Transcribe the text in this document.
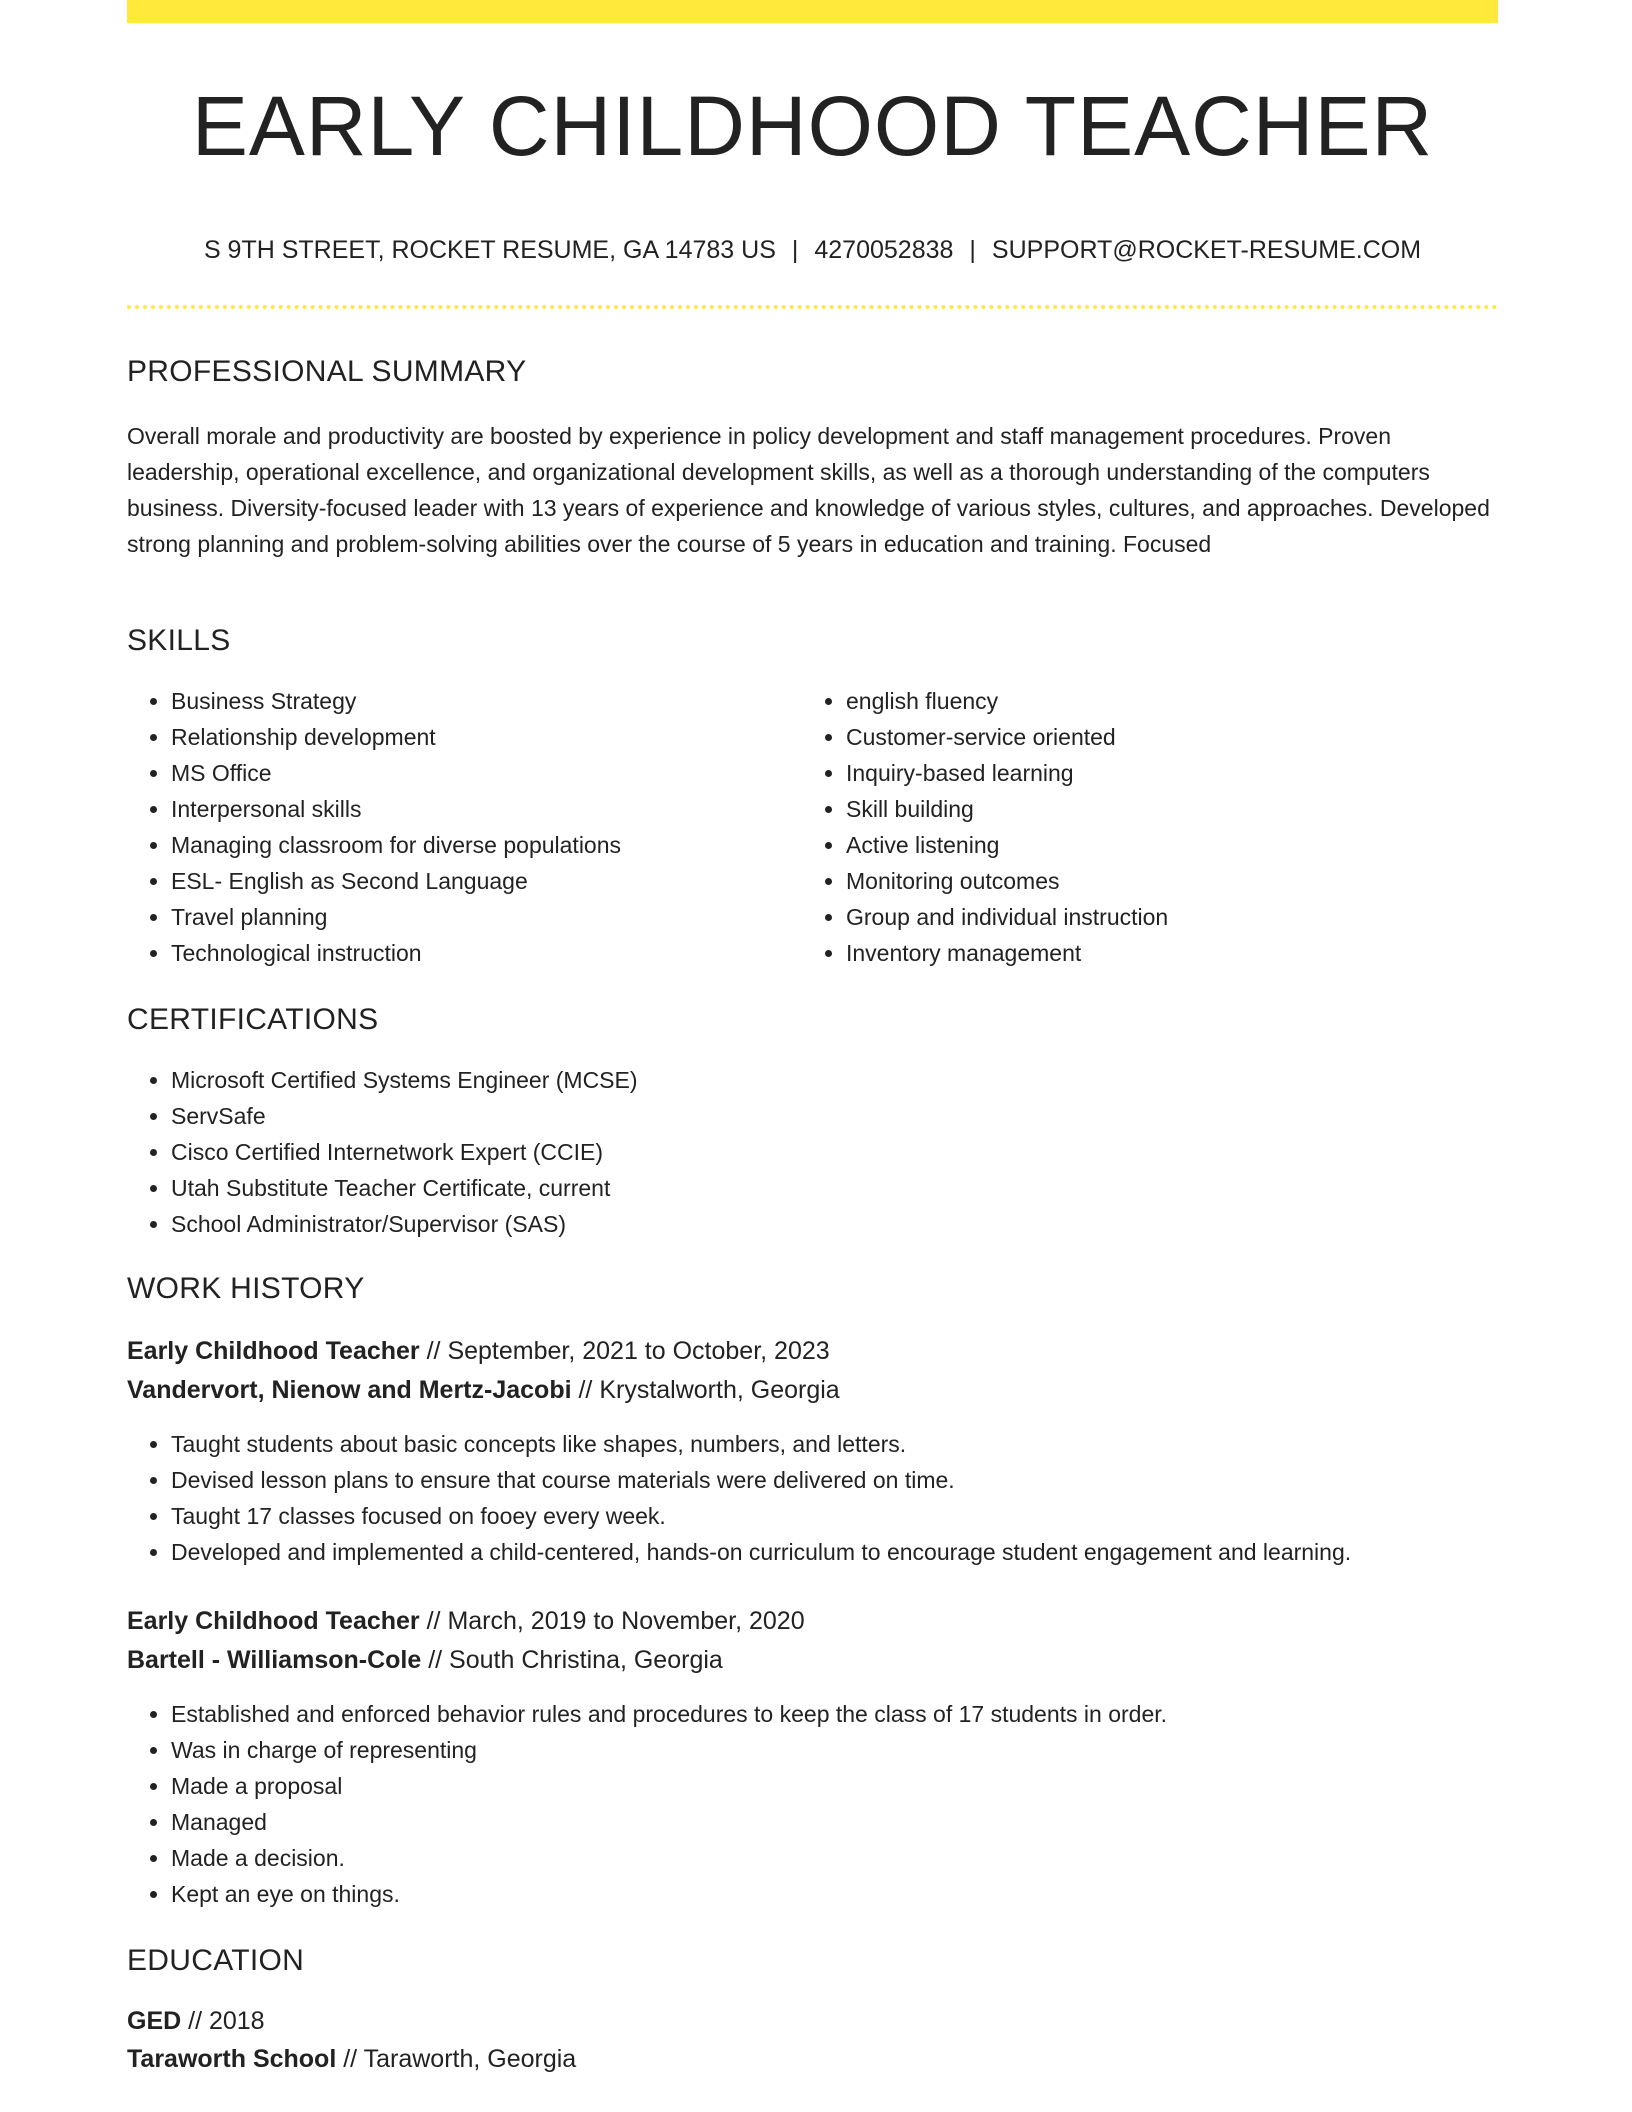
EARLY CHILDHOOD TEACHER
S 9TH STREET, ROCKET RESUME, GA 14783 US | 4270052838 | SUPPORT@ROCKET-RESUME.COM
PROFESSIONAL SUMMARY
Overall morale and productivity are boosted by experience in policy development and staff management procedures. Proven leadership, operational excellence, and organizational development skills, as well as a thorough understanding of the computers business. Diversity-focused leader with 13 years of experience and knowledge of various styles, cultures, and approaches. Developed strong planning and problem-solving abilities over the course of 5 years in education and training. Focused
SKILLS
• Business Strategy
• Relationship development
• MS Office
• Interpersonal skills
• Managing classroom for diverse populations
• ESL- English as Second Language
• Travel planning
• Technological instruction
• english fluency
• Customer-service oriented
• Inquiry-based learning
• Skill building
• Active listening
• Monitoring outcomes
• Group and individual instruction
• Inventory management
CERTIFICATIONS
• Microsoft Certified Systems Engineer (MCSE)
• ServSafe
• Cisco Certified Internetwork Expert (CCIE)
• Utah Substitute Teacher Certificate, current
• School Administrator/Supervisor (SAS)
WORK HISTORY
Early Childhood Teacher // September, 2021 to October, 2023
Vandervort, Nienow and Mertz-Jacobi // Krystalworth, Georgia
• Taught students about basic concepts like shapes, numbers, and letters.
• Devised lesson plans to ensure that course materials were delivered on time.
• Taught 17 classes focused on fooey every week.
• Developed and implemented a child-centered, hands-on curriculum to encourage student engagement and learning.
Early Childhood Teacher // March, 2019 to November, 2020
Bartell - Williamson-Cole // South Christina, Georgia
• Established and enforced behavior rules and procedures to keep the class of 17 students in order.
• Was in charge of representing
• Made a proposal
• Managed
• Made a decision.
• Kept an eye on things.
EDUCATION
GED // 2018
Taraworth School // Taraworth, Georgia
